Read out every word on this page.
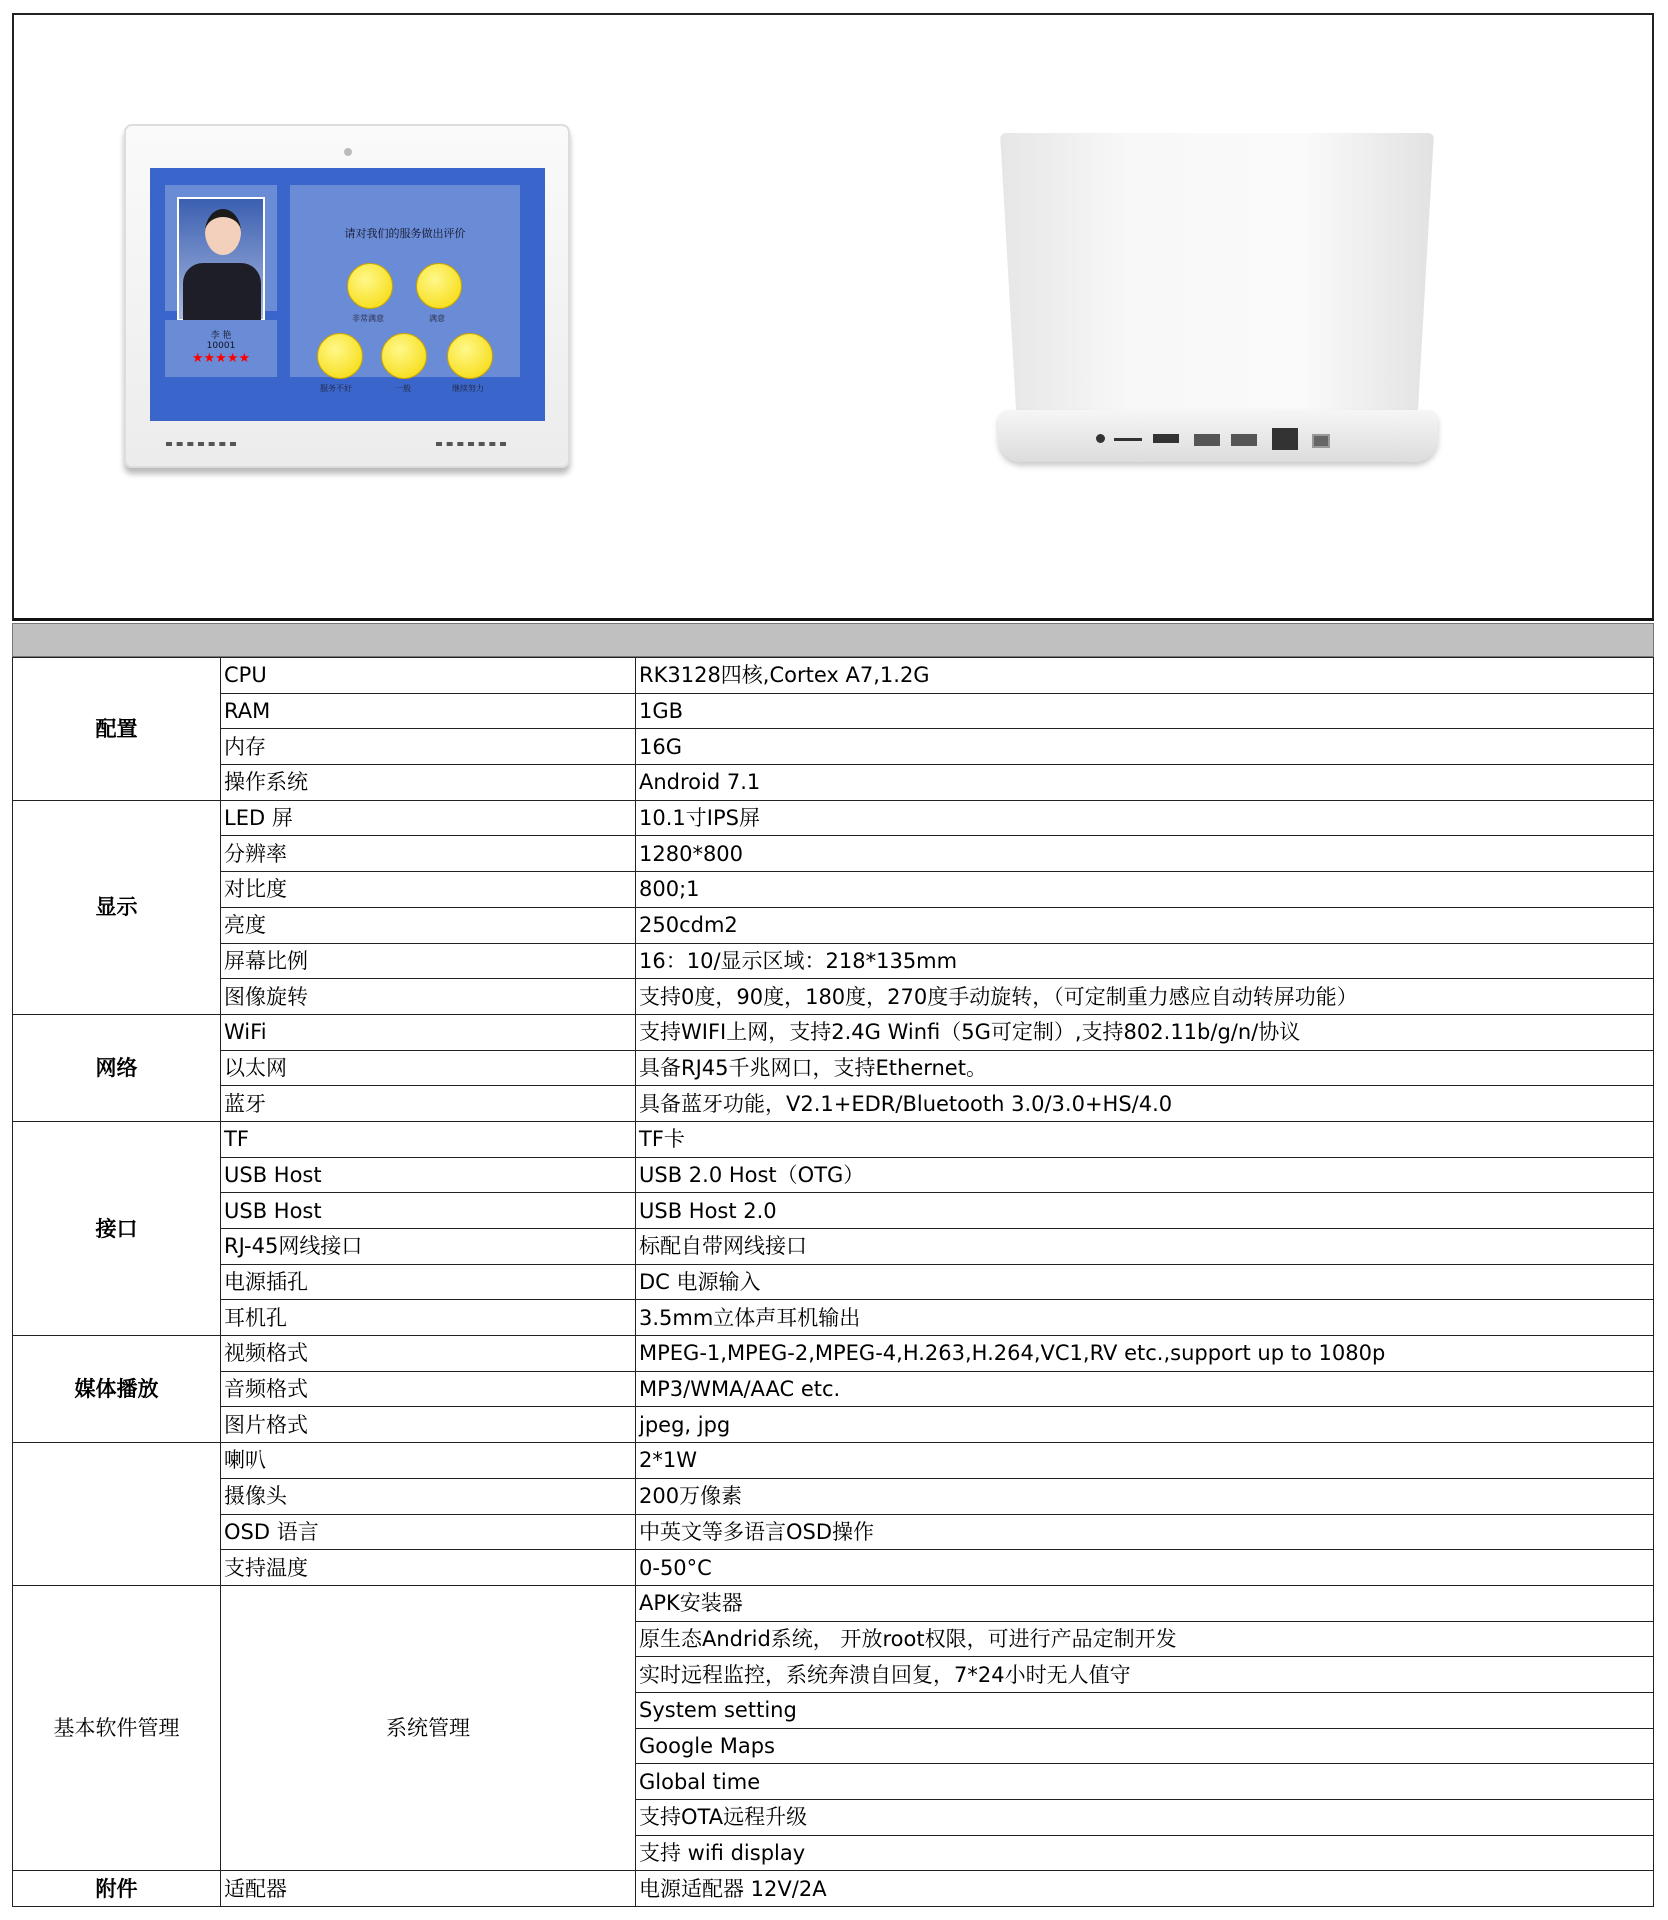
李 艳
10001
★★★★★
请对我们的服务做出评价
非常满意	满意
服务不好	一般	继续努力
配置	CPU	RK3128四核,Cortex A7,1.2G
	RAM	1GB
	内存	16G
	操作系统	Android 7.1
显示	LED 屏	10.1寸IPS屏
	分辨率	1280*800
	对比度	800;1
	亮度	250cdm2
	屏幕比例	16：10/显示区域：218*135mm
	图像旋转	支持0度，90度，180度，270度手动旋转，（可定制重力感应自动转屏功能）
网络	WiFi	支持WIFI上网，支持2.4G Winfi（5G可定制）,支持802.11b/g/n/协议
	以太网	具备RJ45千兆网口，支持Ethernet。
	蓝牙	具备蓝牙功能，V2.1+EDR/Bluetooth 3.0/3.0+HS/4.0
接口	TF	TF卡
	USB Host	USB 2.0 Host（OTG）
	USB Host	USB Host 2.0
	RJ-45网线接口	标配自带网线接口
	电源插孔	DC 电源输入
	耳机孔	3.5mm立体声耳机输出
媒体播放	视频格式	MPEG-1,MPEG-2,MPEG-4,H.263,H.264,VC1,RV etc.,support up to 1080p
	音频格式	MP3/WMA/AAC etc.
	图片格式	jpeg, jpg
	喇叭	2*1W
	摄像头	200万像素
	OSD 语言	中英文等多语言OSD操作
	支持温度	0-50°C
基本软件管理	系统管理	APK安装器
		原生态Andrid系统， 开放root权限，可进行产品定制开发
		实时远程监控，系统奔溃自回复，7*24小时无人值守
		System setting
		Google Maps
		Global time
		支持OTA远程升级
		支持 wifi display
附件	适配器	电源适配器 12V/2A
